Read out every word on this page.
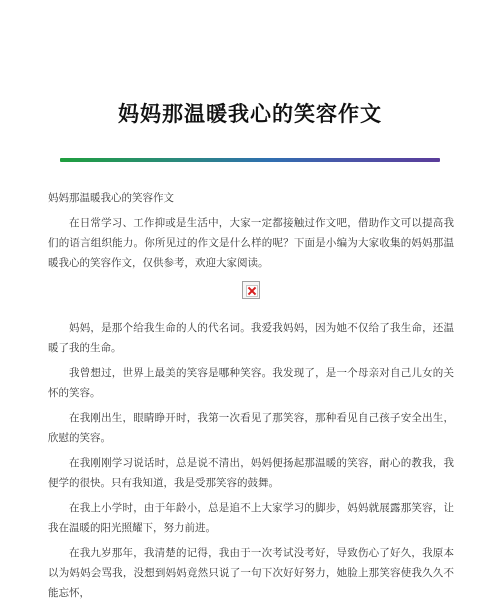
妈妈那温暖我心的笑容作文

妈妈那温暖我心的笑容作文

在日常学习、工作抑或是生活中，大家一定都接触过作文吧，借助作文可以提高我们的语言组织能力。你所见过的作文是什么样的呢？下面是小编为大家收集的妈妈那温暖我心的笑容作文，仅供参考，欢迎大家阅读。

妈妈，是那个给我生命的人的代名词。我爱我妈妈，因为她不仅给了我生命，还温暖了我的生命。

我曾想过，世界上最美的笑容是哪种笑容。我发现了，是一个母亲对自己儿女的关怀的笑容。

在我刚出生，眼睛睁开时，我第一次看见了那笑容，那种看见自己孩子安全出生，欣慰的笑容。

在我刚刚学习说话时，总是说不清出，妈妈便扬起那温暖的笑容，耐心的教我，我便学的很快。只有我知道，我是受那笑容的鼓舞。

在我上小学时，由于年龄小，总是追不上大家学习的脚步，妈妈就展露那笑容，让我在温暖的阳光照耀下，努力前进。

在我九岁那年，我清楚的记得，我由于一次考试没考好，导致伤心了好久，我原本以为妈妈会骂我，没想到妈妈竟然只说了一句下次好好努力，她脸上那笑容使我久久不能忘怀，
